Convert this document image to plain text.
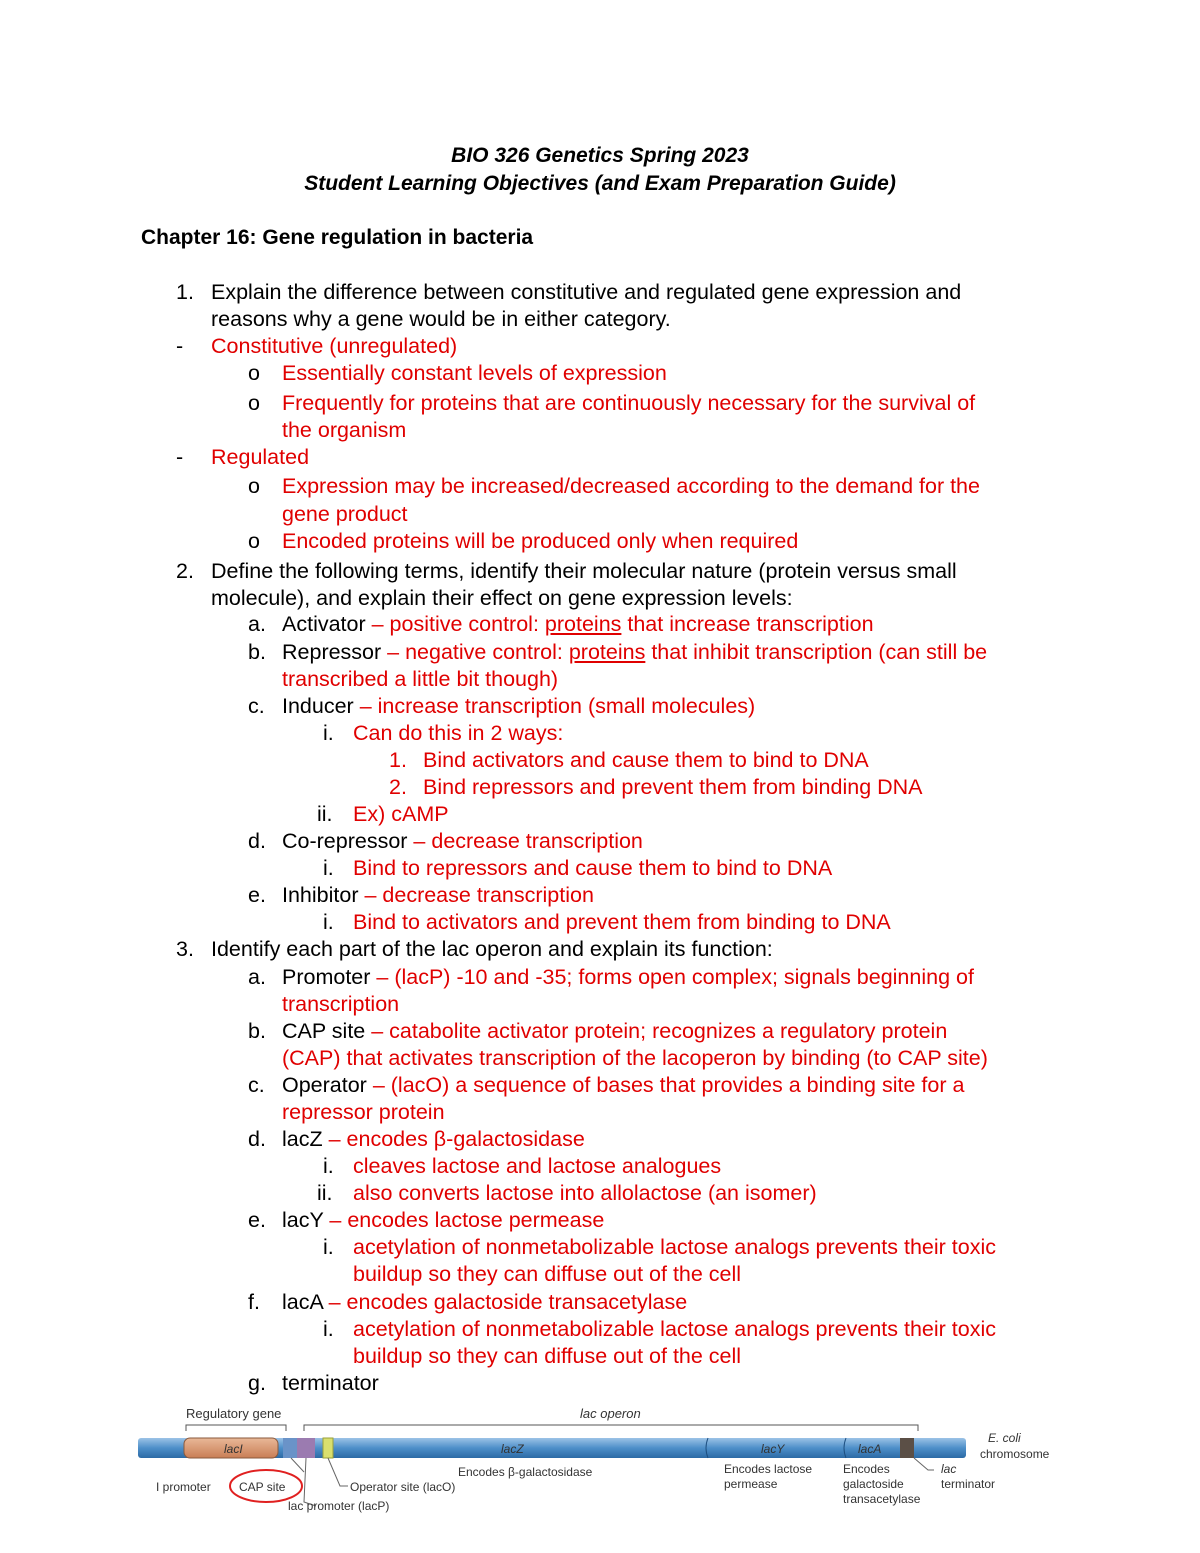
BIO 326 Genetics Spring 2023
Student Learning Objectives (and Exam Preparation Guide)
Chapter 16: Gene regulation in bacteria
1. Explain the difference between constitutive and regulated gene expression and
reasons why a gene would be in either category.
- Constitutive (unregulated)
o Essentially constant levels of expression
o Frequently for proteins that are continuously necessary for the survival of
the organism
- Regulated
o Expression may be increased/decreased according to the demand for the
gene product
o Encoded proteins will be produced only when required
2. Define the following terms, identify their molecular nature (protein versus small
molecule), and explain their effect on gene expression levels:
a. Activator – positive control: proteins that increase transcription
b. Repressor – negative control: proteins that inhibit transcription (can still be
transcribed a little bit though)
c. Inducer – increase transcription (small molecules)
i. Can do this in 2 ways:
1. Bind activators and cause them to bind to DNA
2. Bind repressors and prevent them from binding DNA
ii. Ex) cAMP
d. Co-repressor – decrease transcription
i. Bind to repressors and cause them to bind to DNA
e. Inhibitor – decrease transcription
i. Bind to activators and prevent them from binding to DNA
3. Identify each part of the lac operon and explain its function:
a. Promoter – (lacP) -10 and -35; forms open complex; signals beginning of
transcription
b. CAP site – catabolite activator protein; recognizes a regulatory protein
(CAP) that activates transcription of the lacoperon by binding (to CAP site)
c. Operator – (lacO) a sequence of bases that provides a binding site for a
repressor protein
d. lacZ – encodes β-galactosidase
i. cleaves lactose and lactose analogues
ii. also converts lactose into allolactose (an isomer)
e. lacY – encodes lactose permease
i. acetylation of nonmetabolizable lactose analogs prevents their toxic
buildup so they can diffuse out of the cell
f. lacA – encodes galactoside transacetylase
i. acetylation of nonmetabolizable lactose analogs prevents their toxic
buildup so they can diffuse out of the cell
g. terminator
Regulatory gene	lac operon
lacI	lacZ	lacY	lacA
E. coli
chromosome
I promoter CAP site
lac promoter (lacP)
Operator site (lacO)
Encodes β-galactosidase	Encodes lactose
permease
Encodes
galactoside
transacetylase
lac
terminator
